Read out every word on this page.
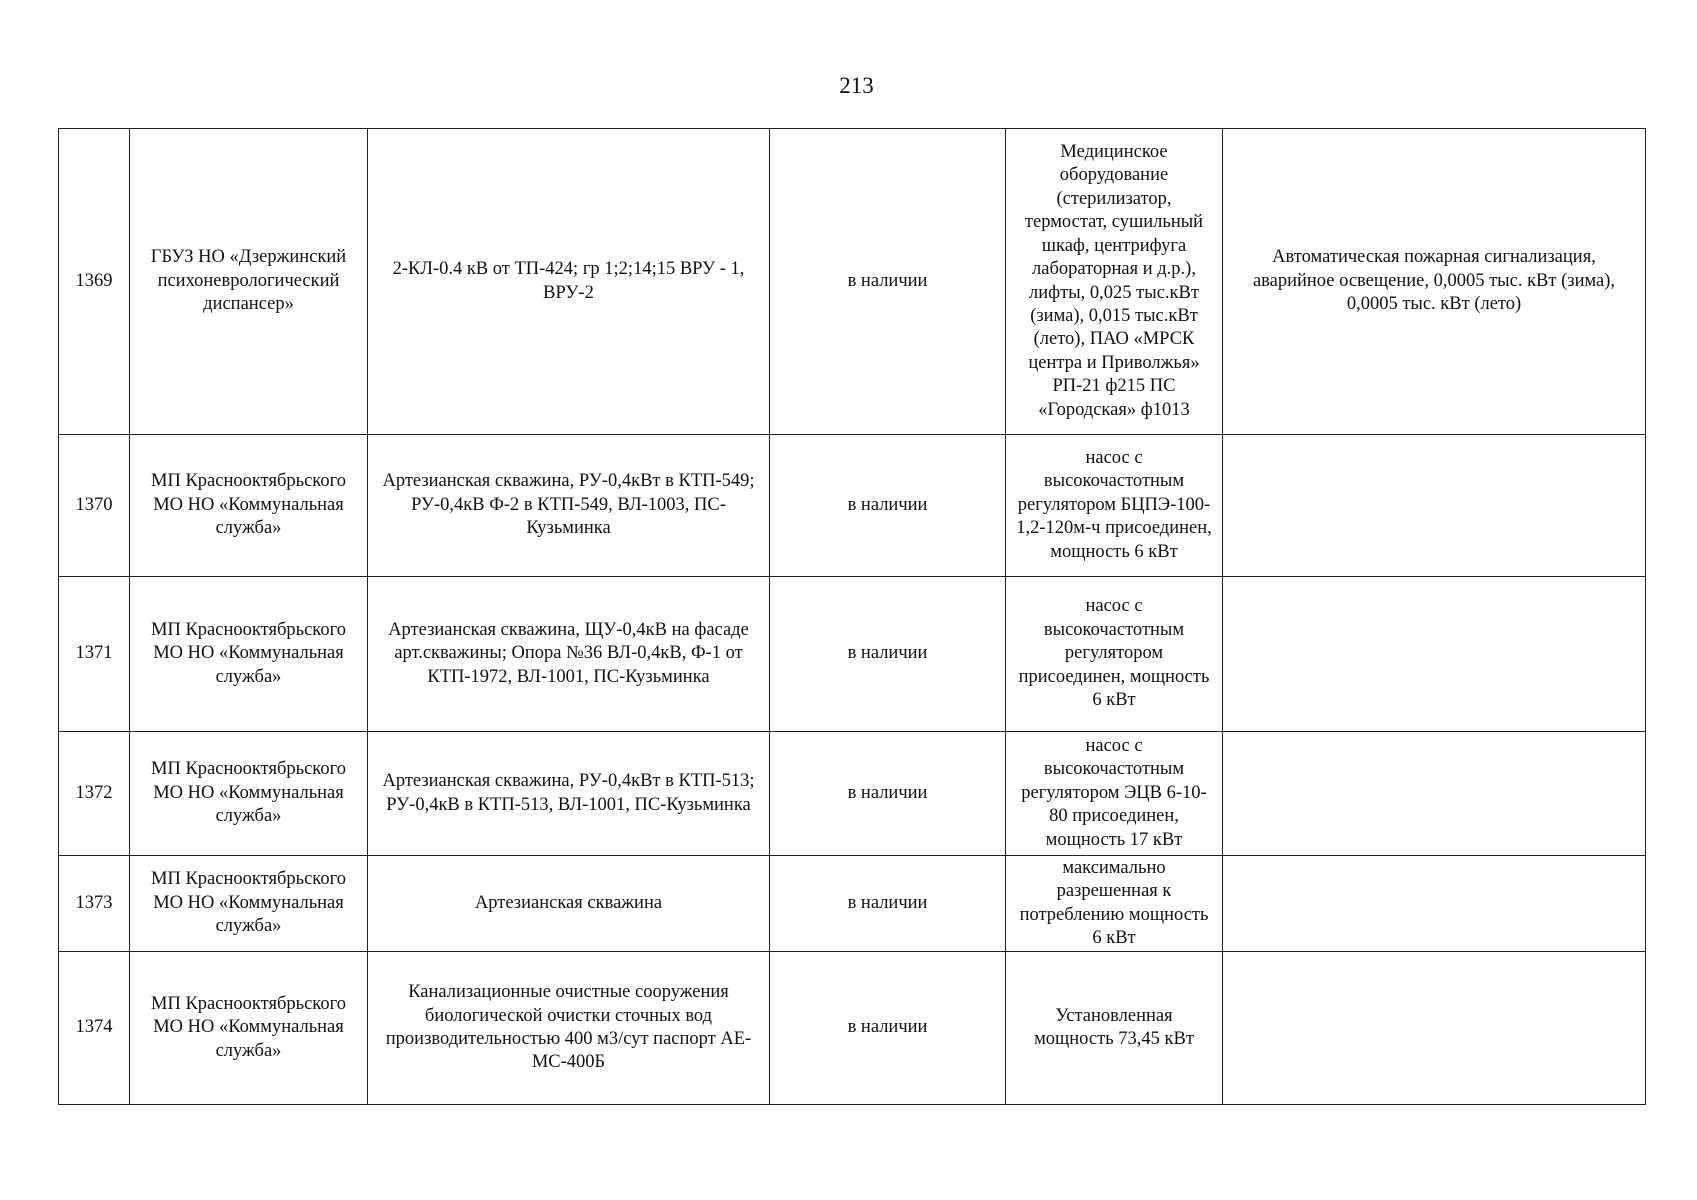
213
1369	ГБУЗ НО «Дзержинский психоневрологический диспансер»	2-КЛ-0.4 кВ от ТП-424; гр 1;2;14;15 ВРУ - 1, ВРУ-2	в наличии	Медицинское оборудование (стерилизатор, термостат, сушильный шкаф, центрифуга лабораторная и д.р.), лифты, 0,025 тыс.кВт (зима), 0,015 тыс.кВт (лето), ПАО «МРСК центра и Приволжья» РП-21 ф215 ПС «Городская» ф1013	Автоматическая пожарная сигнализация, аварийное освещение, 0,0005 тыс. кВт (зима), 0,0005 тыс. кВт (лето)
1370	МП Краснооктябрьского МО НО «Коммунальная служба»	Артезианская скважина, РУ-0,4кВт в КТП-549; РУ-0,4кВ Ф-2 в КТП-549, ВЛ-1003, ПС-Кузьминка	в наличии	насос с высокочастотным регулятором БЦПЭ-100-1,2-120м-ч присоединен, мощность 6 кВт	
1371	МП Краснооктябрьского МО НО «Коммунальная служба»	Артезианская скважина, ЩУ-0,4кВ на фасаде арт.скважины; Опора №36 ВЛ-0,4кВ, Ф-1 от КТП-1972, ВЛ-1001, ПС-Кузьминка	в наличии	насос с высокочастотным регулятором присоединен, мощность 6 кВт	
1372	МП Краснооктябрьского МО НО «Коммунальная служба»	Артезианская скважина, РУ-0,4кВт в КТП-513; РУ-0,4кВ в КТП-513, ВЛ-1001, ПС-Кузьминка	в наличии	насос с высокочастотным регулятором ЭЦВ 6-10-80 присоединен, мощность 17 кВт	
1373	МП Краснооктябрьского МО НО «Коммунальная служба»	Артезианская скважина	в наличии	максимально разрешенная к потреблению мощность 6 кВт	
1374	МП Краснооктябрьского МО НО «Коммунальная служба»	Канализационные очистные сооружения биологической очистки сточных вод производительностью 400 м3/сут паспорт АЕ-МС-400Б	в наличии	Установленная мощность 73,45 кВт	
